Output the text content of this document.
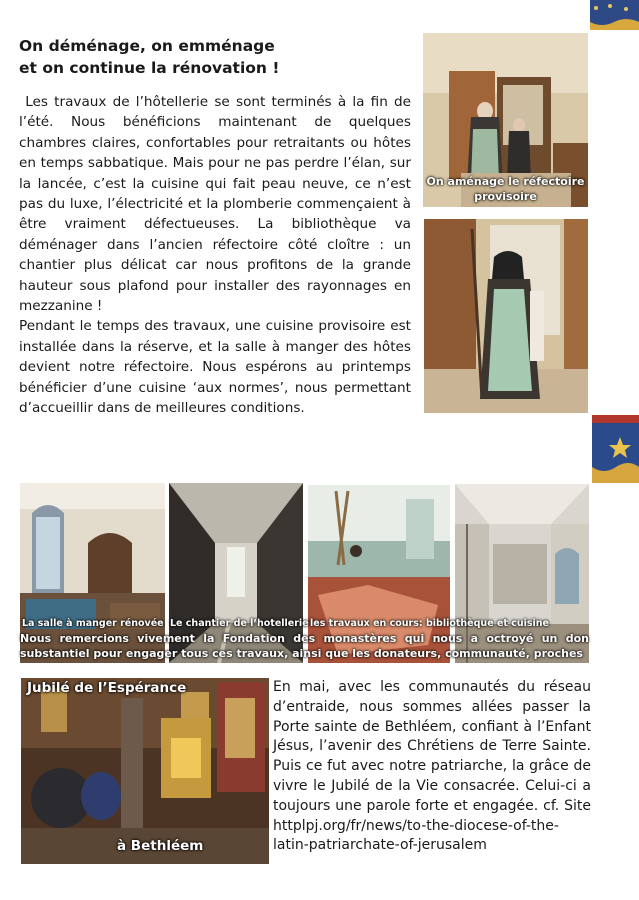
On déménage, on emménage
et on continue la rénovation !

Les travaux de l’hôtellerie se sont terminés à la fin de l’été. Nous bénéficions maintenant de quelques chambres claires, confortables pour retraitants ou hôtes en temps sabbatique. Mais pour ne pas perdre l’élan, sur la lancée, c’est la cuisine qui fait peau neuve, ce n’est pas du luxe, l’électricité et la plomberie commençaient à être vraiment défectueuses. La bibliothèque va déménager dans l’ancien réfectoire côté cloître : un chantier plus délicat car nous profitons de la grande hauteur sous plafond pour installer des rayonnages en mezzanine !

Pendant le temps des travaux, une cuisine provisoire est installée dans la réserve, et la salle à manger des hôtes devient notre réfectoire. Nous espérons au printemps bénéficier d’une cuisine ‘aux normes’, nous permettant d’accueillir dans de meilleures conditions.

On aménage le réfectoire provisoire
La salle à manger rénovée Le chantier de l’hotellerie les travaux en cours: bibliothèque et cuisine
Nous remercions vivement la Fondation des monastères qui nous a octroyé un don substantiel pour engager tous ces travaux, ainsi que les donateurs, communauté, proches
Jubilé de l’Espérance
à Bethléem

En mai, avec les communautés du réseau d’entraide, nous sommes allées passer la Porte sainte de Bethléem, confiant à l’Enfant Jésus, l’avenir des Chrétiens de Terre Sainte. Puis ce fut avec notre patriarche, la grâce de vivre le Jubilé de la Vie consacrée. Celui-ci a toujours une parole forte et engagée. cf. Site httplpj.org/fr/news/to-the-diocese-of-the-latin-patriarchate-of-jerusalem
